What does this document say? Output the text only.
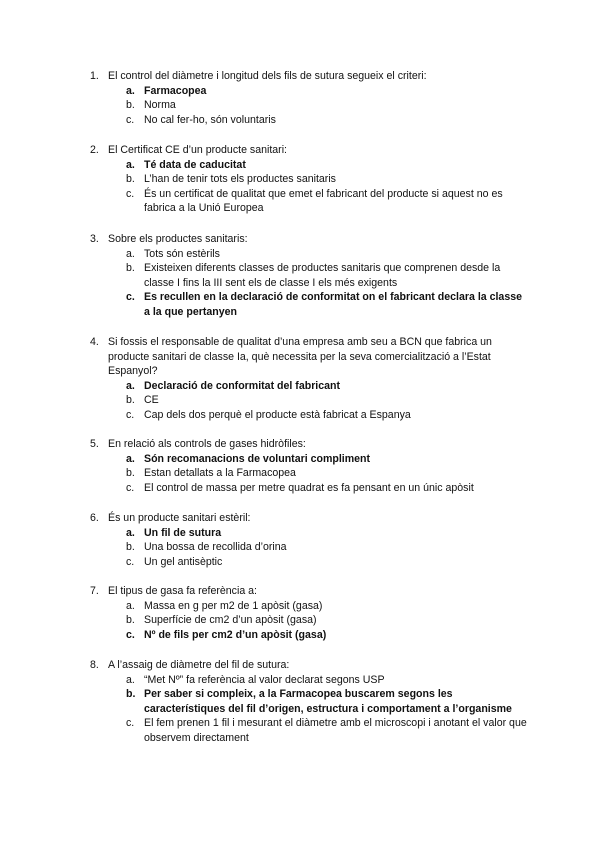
1. El control del diàmetre i longitud dels fils de sutura segueix el criteri:
a. Farmacopea
b. Norma
c. No cal fer-ho, són voluntaris
2. El Certificat CE d’un producte sanitari:
a. Té data de caducitat
b. L’han de tenir tots els productes sanitaris
c. És un certificat de qualitat que emet el fabricant del producte si aquest no es fabrica a la Unió Europea
3. Sobre els productes sanitaris:
a. Tots són estèrils
b. Existeixen diferents classes de productes sanitaris que comprenen desde la classe I fins la III sent els de classe I els més exigents
c. Es recullen en la declaració de conformitat on el fabricant declara la classe a la que pertanyen
4. Si fossis el responsable de qualitat d’una empresa amb seu a BCN que fabrica un producte sanitari de classe Ia, què necessita per la seva comercialització a l’Estat Espanyol?
a. Declaració de conformitat del fabricant
b. CE
c. Cap dels dos perquè el producte està fabricat a Espanya
5. En relació als controls de gases hidròfiles:
a. Són recomanacions de voluntari compliment
b. Estan detallats a la Farmacopea
c. El control de massa per metre quadrat es fa pensant en un únic apòsit
6. És un producte sanitari estèril:
a. Un fil de sutura
b. Una bossa de recollida d’orina
c. Un gel antisèptic
7. El tipus de gasa fa referència a:
a. Massa en g per m2 de 1 apòsit (gasa)
b. Superfície de cm2 d’un apòsit (gasa)
c. Nº de fils per cm2 d’un apòsit (gasa)
8. A l’assaig de diàmetre del fil de sutura:
a. “Met Nº” fa referència al valor declarat segons USP
b. Per saber si compleix, a la Farmacopea buscarem segons les característiques del fil d’origen, estructura i comportament a l’organisme
c. El fem prenen 1 fil i mesurant el diàmetre amb el microscopi i anotant el valor que observem directament
